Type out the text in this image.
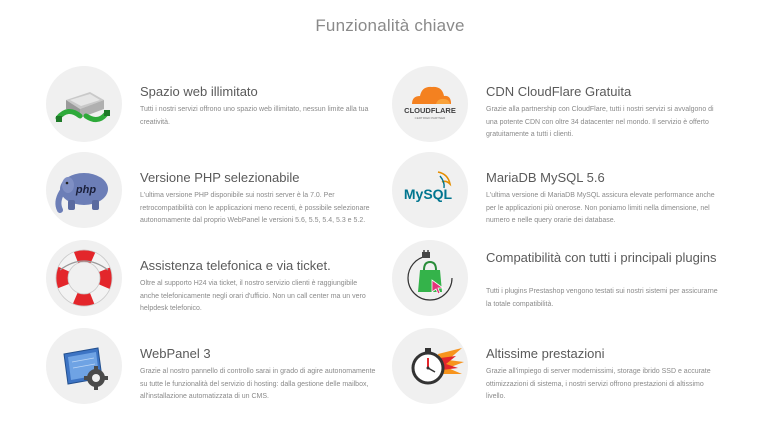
Funzionalità chiave
Spazio web illimitato
Tutti i nostri servizi offrono uno spazio web illimitato, nessun limite alla tua creatività.
CLOUDFLARE
CERTIFIED PARTNER
CDN CloudFlare Gratuita
Grazie alla partnership con CloudFlare, tutti i nostri servizi si avvalgono di una potente CDN con oltre 34 datacenter nel mondo. Il servizio è offerto gratuitamente a tutti i clienti.
php
Versione PHP selezionabile
L'ultima versione PHP disponibile sui nostri server è la 7.0. Per retrocompatibilità con le applicazioni meno recenti, è possibile selezionare autonomamente dal proprio WebPanel le versioni 5.6, 5.5, 5.4, 5.3 e 5.2.
MySQL
MariaDB MySQL 5.6
L'ultima versione di MariaDB MySQL assicura elevate performance anche per le applicazioni più onerose. Non poniamo limiti nella dimensione, nel numero e nelle query orarie dei database.
Assistenza telefonica e via ticket.
Oltre al supporto H24 via ticket, il nostro servizio clienti è raggiungibile anche telefonicamente negli orari d'ufficio. Non un call center ma un vero helpdesk telefonico.
Compatibilità con tutti i principali plugins
Tutti i plugins Prestashop vengono testati sui nostri sistemi per assicurarne la totale compatibilità.
WebPanel 3
Grazie al nostro pannello di controllo sarai in grado di agire autonomamente su tutte le funzionalità del servizio di hosting: dalla gestione delle mailbox, all'installazione automatizzata di un CMS.
Altissime prestazioni
Grazie all'impiego di server modernissimi, storage ibrido SSD e accurate ottimizzazioni di sistema, i nostri servizi offrono prestazioni di altissimo livello.
